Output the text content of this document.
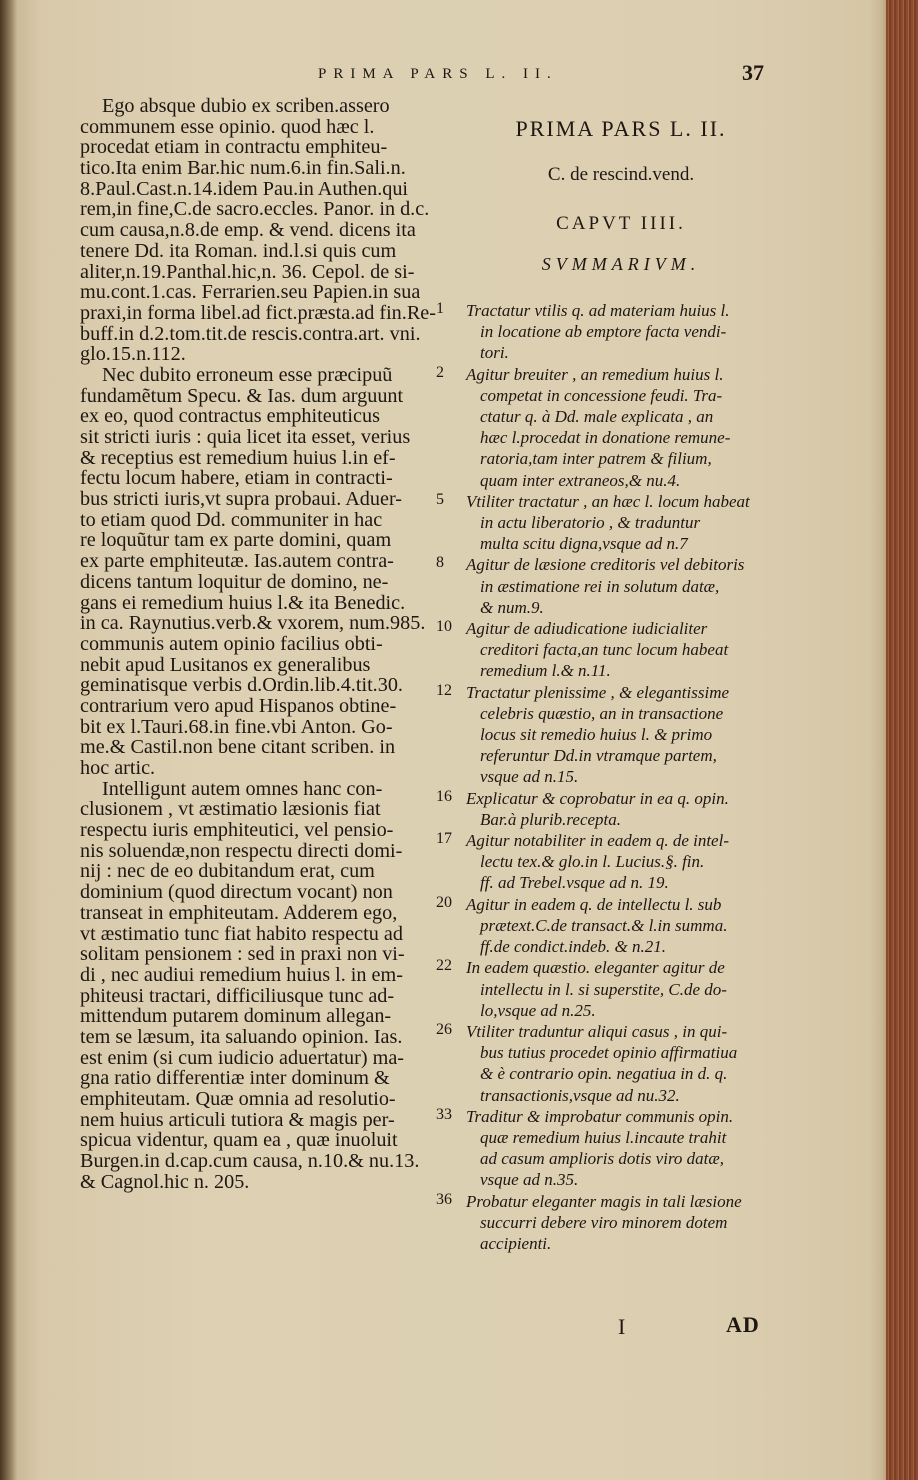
PRIMA PARS L. II.	37
Ego absque dubio ex scriben.assero
communem esse opinio. quod hæc l.
procedat etiam in contractu emphiteu-
tico.Ita enim Bar.hic num.6.in fin.Sali.n.
8.Paul.Cast.n.14.idem Pau.in Authen.qui
rem,in fine,C.de sacro.eccles. Panor. in d.c.
cum causa,n.8.de emp. & vend. dicens ita
tenere Dd. ita Roman. ind.l.si quis cum
aliter,n.19.Panthal.hic,n. 36. Cepol. de si-
mu.cont.1.cas. Ferrarien.seu Papien.in sua
praxi,in forma libel.ad fict.præsta.ad fin.Re-
buff.in d.2.tom.tit.de rescis.contra.art. vni.
glo.15.n.112.
Nec dubito erroneum esse præcipuũ
fundamẽtum Specu. & Ias. dum arguunt
ex eo, quod contractus emphiteuticus
sit stricti iuris : quia licet ita esset, verius
& receptius est remedium huius l.in ef-
fectu locum habere, etiam in contracti-
bus stricti iuris,vt supra probaui. Aduer-
to etiam quod Dd. communiter in hac
re loquũtur tam ex parte domini, quam
ex parte emphiteutæ. Ias.autem contra-
dicens tantum loquitur de domino, ne-
gans ei remedium huius l.& ita Benedic.
in ca. Raynutius.verb.& vxorem, num.985.
communis autem opinio facilius obti-
nebit apud Lusitanos ex generalibus
geminatisque verbis d.Ordin.lib.4.tit.30.
contrarium vero apud Hispanos obtine-
bit ex l.Tauri.68.in fine.vbi Anton. Go-
me.& Castil.non bene citant scriben. in
hoc artic.
Intelligunt autem omnes hanc con-
clusionem , vt æstimatio læsionis fiat
respectu iuris emphiteutici, vel pensio-
nis soluendæ,non respectu directi domi-
nij : nec de eo dubitandum erat, cum
dominium (quod directum vocant) non
transeat in emphiteutam. Adderem ego,
vt æstimatio tunc fiat habito respectu ad
solitam pensionem : sed in praxi non vi-
di , nec audiui remedium huius l. in em-
phiteusi tractari, difficiliusque tunc ad-
mittendum putarem dominum allegan-
tem se læsum, ita saluando opinion. Ias.
est enim (si cum iudicio aduertatur) ma-
gna ratio differentiæ inter dominum &
emphiteutam. Quæ omnia ad resolutio-
nem huius articuli tutiora & magis per-
spicua videntur, quam ea , quæ inuoluit
Burgen.in d.cap.cum causa, n.10.& nu.13.
& Cagnol.hic n. 205.
PRIMA PARS L. II.
C. de rescind.vend.
CAPVT IIII.
SVMMARIVM.
1	Tractatur vtilis q. ad materiam huius l.
in locatione ab emptore facta vendi-
tori.
2	Agitur breuiter , an remedium huius l.
competat in concessione feudi. Tra-
ctatur q. à Dd. male explicata , an
hæc l.procedat in donatione remune-
ratoria,tam inter patrem & filium,
quam inter extraneos,& nu.4.
5	Vtiliter tractatur , an hæc l. locum habeat
in actu liberatorio , & traduntur
multa scitu digna,vsque ad n.7
8	Agitur de læsione creditoris vel debitoris
in æstimatione rei in solutum datæ,
& num.9.
10 Agitur de adiudicatione iudicialiter
creditori facta,an tunc locum habeat
remedium l.& n.11.
12 Tractatur plenissime , & elegantissime
celebris quæstio, an in transactione
locus sit remedio huius l. & primo
referuntur Dd.in vtramque partem,
vsque ad n.15.
16 Explicatur & coprobatur in ea q. opin.
Bar.à plurib.recepta.
17 Agitur notabiliter in eadem q. de intel-
lectu tex.& glo.in l. Lucius.§. fin.
ff. ad Trebel.vsque ad n. 19.
20 Agitur in eadem q. de intellectu l. sub
prætext.C.de transact.& l.in summa.
ff.de condict.indeb. & n.21.
22 In eadem quæstio. eleganter agitur de
intellectu in l. si superstite, C.de do-
lo,vsque ad n.25.
26 Vtiliter traduntur aliqui casus , in qui-
bus tutius procedet opinio affirmatiua
& è contrario opin. negatiua in d. q.
transactionis,vsque ad nu.32.
33 Traditur & improbatur communis opin.
quæ remedium huius l.incaute trahit
ad casum amplioris dotis viro datæ,
vsque ad n.35.
36 Probatur eleganter magis in tali læsione
succurri debere viro minorem dotem
accipienti.
I	AD
